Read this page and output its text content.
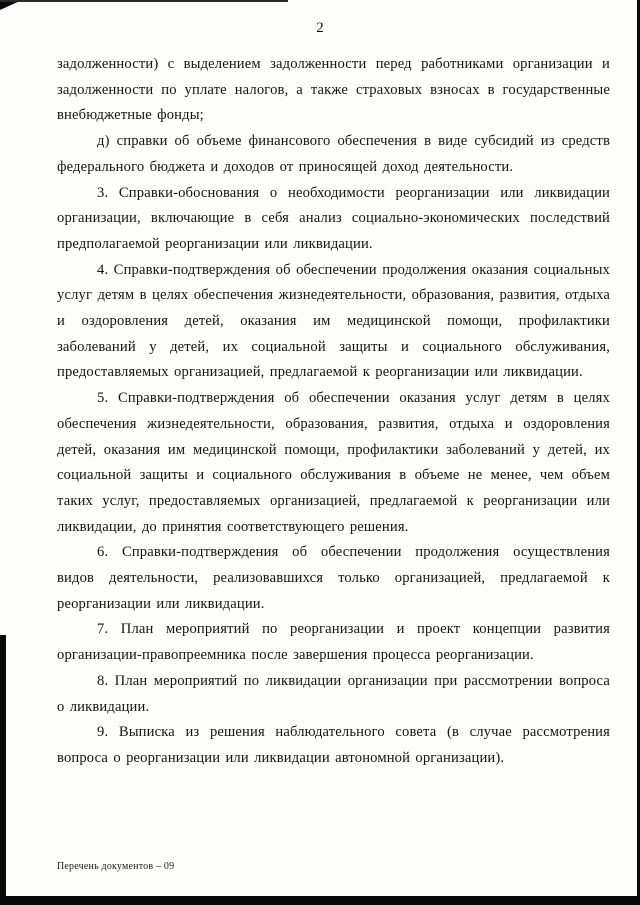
2

задолженности) с выделением задолженности перед работниками организации и задолженности по уплате налогов, а также страховых взносах в государственные внебюджетные фонды;

д) справки об объеме финансового обеспечения в виде субсидий из средств федерального бюджета и доходов от приносящей доход деятельности.

3. Справки-обоснования о необходимости реорганизации или ликвидации организации, включающие в себя анализ социально-экономических последствий предполагаемой реорганизации или ликвидации.

4. Справки-подтверждения об обеспечении продолжения оказания социальных услуг детям в целях обеспечения жизнедеятельности, образования, развития, отдыха и оздоровления детей, оказания им медицинской помощи, профилактики заболеваний у детей, их социальной защиты и социального обслуживания, предоставляемых организацией, предлагаемой к реорганизации или ликвидации.

5. Справки-подтверждения об обеспечении оказания услуг детям в целях обеспечения жизнедеятельности, образования, развития, отдыха и оздоровления детей, оказания им медицинской помощи, профилактики заболеваний у детей, их социальной защиты и социального обслуживания в объеме не менее, чем объем таких услуг, предоставляемых организацией, предлагаемой к реорганизации или ликвидации, до принятия соответствующего решения.

6. Справки-подтверждения об обеспечении продолжения осуществления видов деятельности, реализовавшихся только организацией, предлагаемой к реорганизации или ликвидации.

7. План мероприятий по реорганизации и проект концепции развития организации-правопреемника после завершения процесса реорганизации.

8. План мероприятий по ликвидации организации при рассмотрении вопроса о ликвидации.

9. Выписка из решения наблюдательного совета (в случае рассмотрения вопроса о реорганизации или ликвидации автономной организации).

Перечень документов – 09
